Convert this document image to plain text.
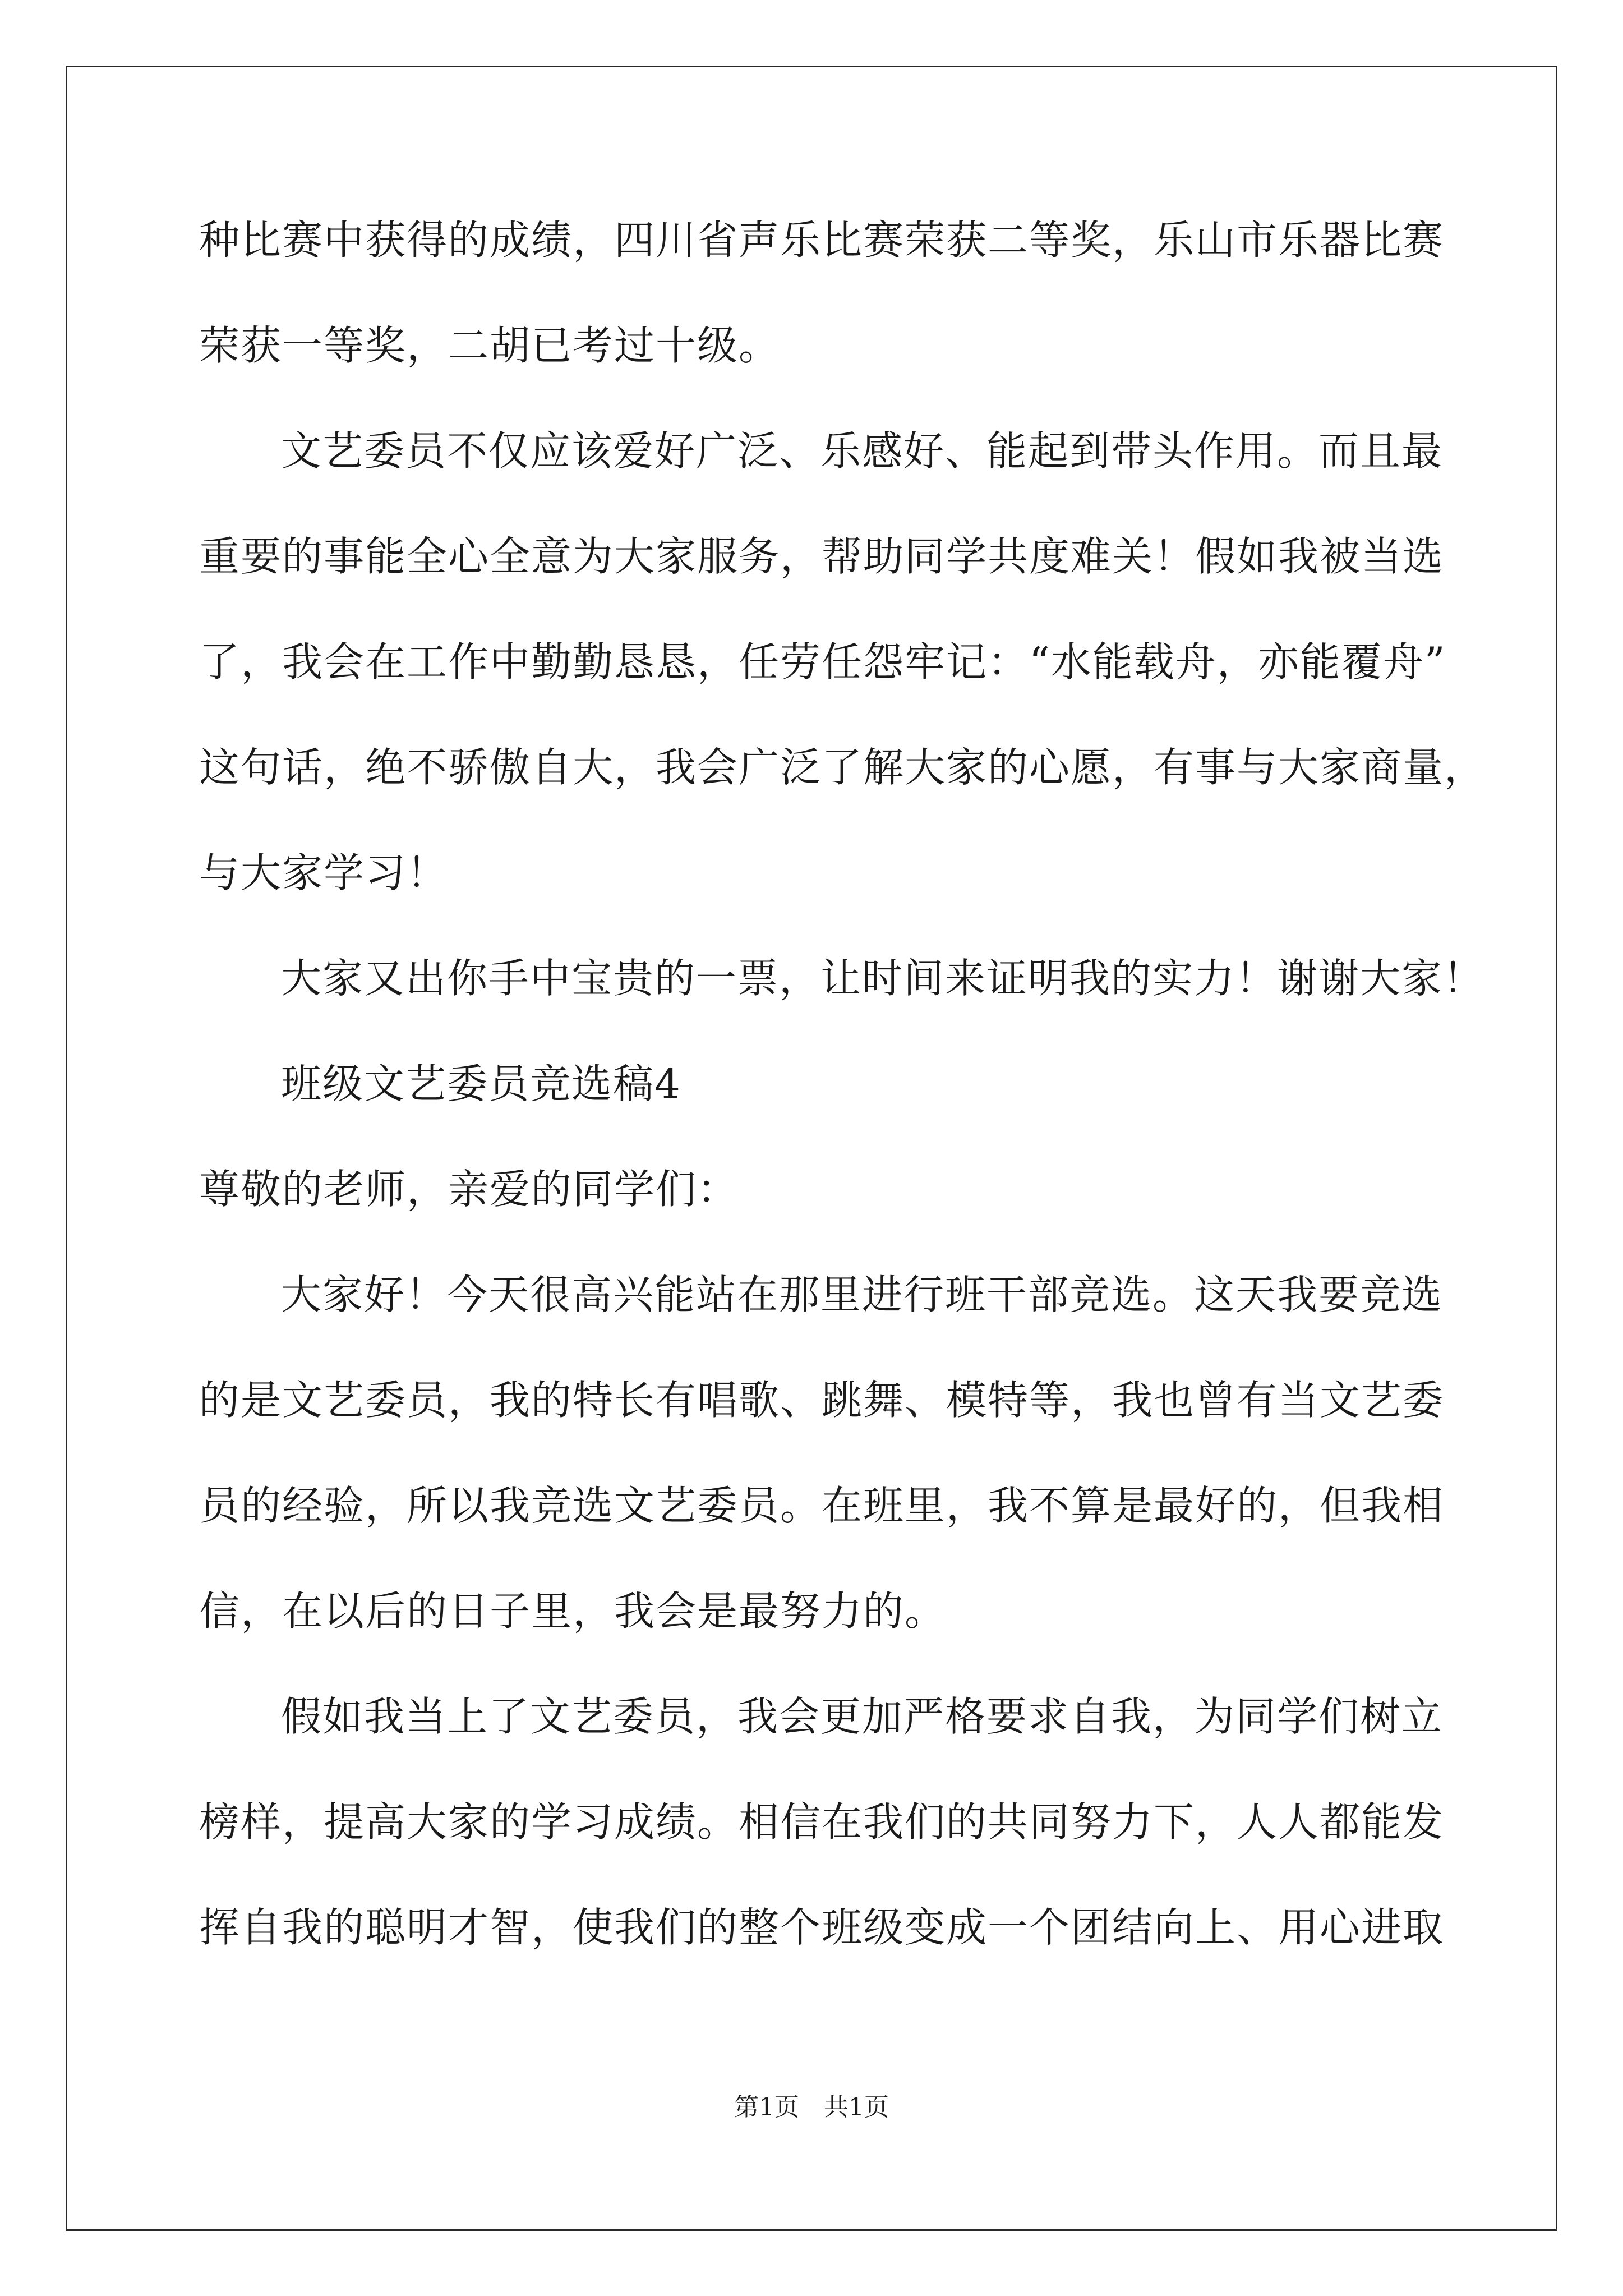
种比赛中获得的成绩，四川省声乐比赛荣获二等奖，乐山市乐器比赛
荣获一等奖，二胡已考过十级。
文艺委员不仅应该爱好广泛、乐感好、能起到带头作用。而且最
重要的事能全心全意为大家服务，帮助同学共度难关！假如我被当选
了，我会在工作中勤勤恳恳，任劳任怨牢记：“水能载舟，亦能覆舟”
这句话，绝不骄傲自大，我会广泛了解大家的心愿，有事与大家商量，
与大家学习！
大家又出你手中宝贵的一票，让时间来证明我的实力！谢谢大家！
班级文艺委员竞选稿4
尊敬的老师，亲爱的同学们：
大家好！今天很高兴能站在那里进行班干部竞选。这天我要竞选
的是文艺委员，我的特长有唱歌、跳舞、模特等，我也曾有当文艺委
员的经验，所以我竞选文艺委员。在班里，我不算是最好的，但我相
信，在以后的日子里，我会是最努力的。
假如我当上了文艺委员，我会更加严格要求自我，为同学们树立
榜样，提高大家的学习成绩。相信在我们的共同努力下，人人都能发
挥自我的聪明才智，使我们的整个班级变成一个团结向上、用心进取
第1页　共1页
